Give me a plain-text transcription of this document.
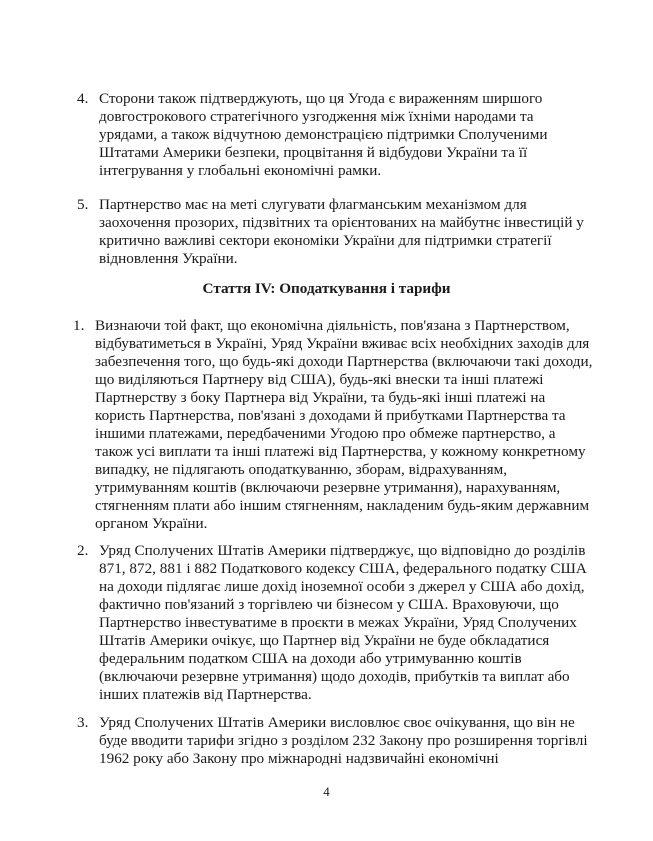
4. Сторони також підтверджують, що ця Угода є вираженням ширшого
довгострокового стратегічного узгодження між їхніми народами та
урядами, а також відчутною демонстрацією підтримки Сполученими
Штатами Америки безпеки, процвітання й відбудови України та її
інтегрування у глобальні економічні рамки.
5. Партнерство має на меті слугувати флагманським механізмом для
заохочення прозорих, підзвітних та орієнтованих на майбутнє інвестицій у
критично важливі сектори економіки України для підтримки стратегії
відновлення України.
Стаття IV: Оподаткування і тарифи
1. Визнаючи той факт, що економічна діяльність, пов'язана з Партнерством,
відбуватиметься в Україні, Уряд України вживає всіх необхідних заходів для
забезпечення того, що будь-які доходи Партнерства (включаючи такі доходи,
що виділяються Партнеру від США), будь-які внески та інші платежі
Партнерству з боку Партнера від України, та будь-які інші платежі на
користь Партнерства, пов'язані з доходами й прибутками Партнерства та
іншими платежами, передбаченими Угодою про обмеже партнерство, а
також усі виплати та інші платежі від Партнерства, у кожному конкретному
випадку, не підлягають оподаткуванню, зборам, відрахуванням,
утримуванням коштів (включаючи резервне утримання), нарахуванням,
стягненням плати або іншим стягненням, накладеним будь-яким державним
органом України.
2. Уряд Сполучених Штатів Америки підтверджує, що відповідно до розділів
871, 872, 881 і 882 Податкового кодексу США, федерального податку США
на доходи підлягає лише дохід іноземної особи з джерел у США або дохід,
фактично пов'язаний з торгівлею чи бізнесом у США. Враховуючи, що
Партнерство інвестуватиме в проєкти в межах України, Уряд Сполучених
Штатів Америки очікує, що Партнер від України не буде обкладатися
федеральним податком США на доходи або утримуванню коштів
(включаючи резервне утримання) щодо доходів, прибутків та виплат або
інших платежів від Партнерства.
3. Уряд Сполучених Штатів Америки висловлює своє очікування, що він не
буде вводити тарифи згідно з розділом 232 Закону про розширення торгівлі
1962 року або Закону про міжнародні надзвичайні економічні
4
